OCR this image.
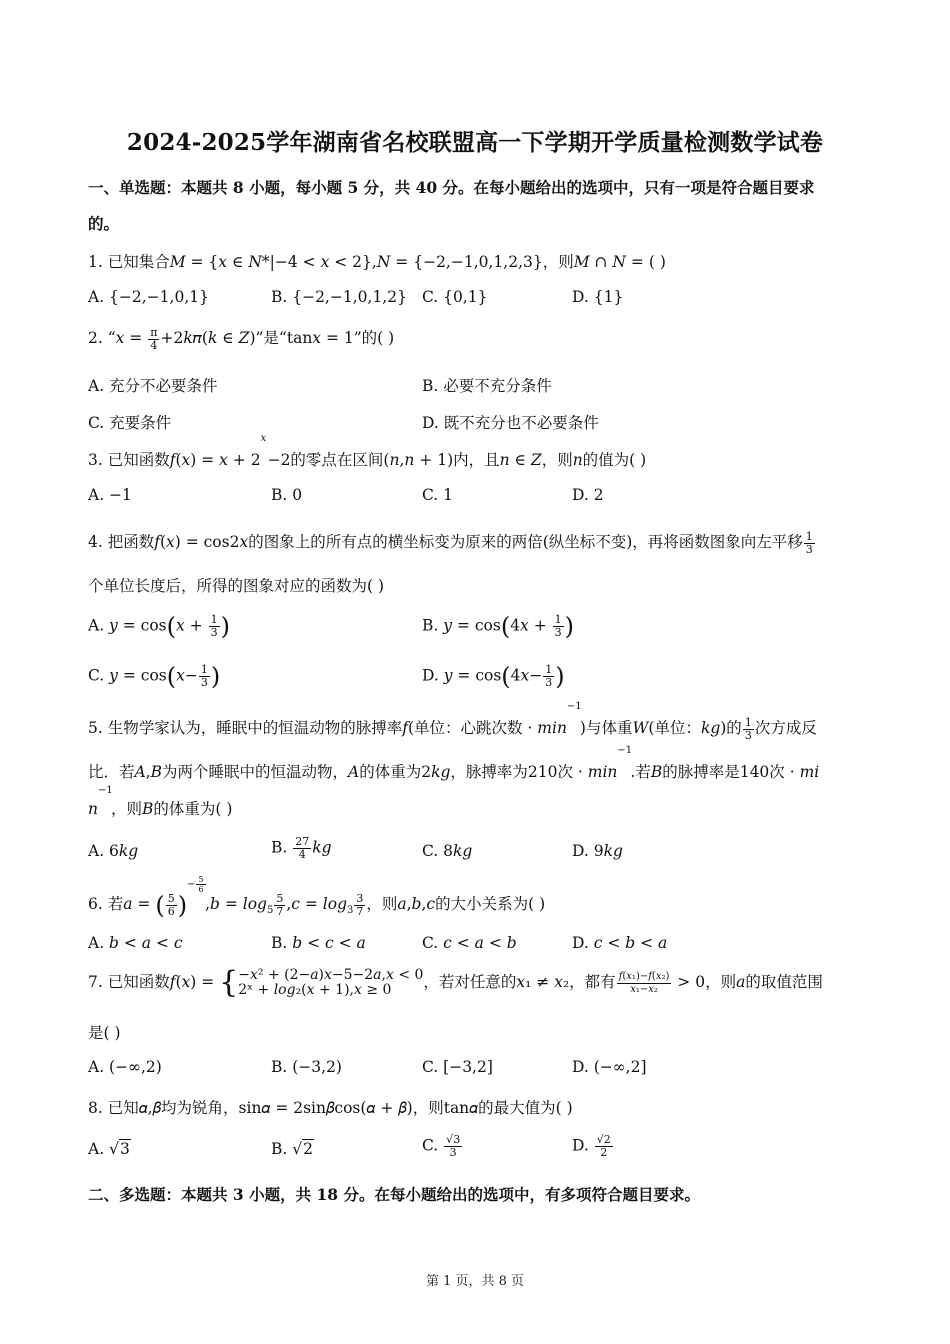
2024-2025学年湖南省名校联盟高一下学期开学质量检测数学试卷
一、单选题：本题共 8 小题，每小题 5 分，共 40 分。在每小题给出的选项中，只有一项是符合题目要求
的。
1. 已知集合𝑀 = {𝑥 ∈ 𝑁*|−4 < 𝑥 < 2},𝑁 = {−2,−1,0,1,2,3}，则𝑀 ∩ 𝑁 = ( )
A. {−2,−1,0,1}	B. {−2,−1,0,1,2} C. {0,1}	D. {1}
2. “𝑥 = $\frac{\pi}{4}$ +2𝑘𝜋(𝑘 ∈ 𝑍)”是“tan𝑥 = 1”的( )
A. 充分不必要条件	B. 必要不充分条件
C. 充要条件	D. 既不充分也不必要条件
3. 已知函数𝑓(𝑥) = 𝑥 + 2
𝑥
−2的零点在区间(𝑛,𝑛 + 1)内，且𝑛 ∈ 𝑍，则𝑛的值为( )
A. −1	B. 0	C. 1	D. 2
4. 把函数𝑓(𝑥) = cos2𝑥的图象上的所有点的横坐标变为原来的两倍(纵坐标不变)，再将函数图象向左平移 $\frac{1}{3}$
个单位长度后，所得的图象对应的函数为( )
A. 𝑦 = cos(𝑥 + $\frac{1}{3}$ )	B. 𝑦 = cos(4𝑥 + $\frac{1}{3}$ )
C. 𝑦 = cos(𝑥− $\frac{1}{3}$ )	D. 𝑦 = cos(4𝑥− $\frac{1}{3}$ )
5. 生物学家认为，睡眠中的恒温动物的脉搏率𝑓(单位：心跳次数 · 𝑚𝑖𝑛
−1
)与体重𝑊(单位：𝑘𝑔)的 $\frac{1}{3}$ 次方成反
比．若𝐴,𝐵为两个睡眠中的恒温动物，𝐴的体重为2𝑘𝑔，脉搏率为210次 · 𝑚𝑖𝑛
−1
.若𝐵的脉搏率是140次 · 𝑚𝑖
𝑛
−1
，则𝐵的体重为( )
A. 6𝑘𝑔	B. $\frac{27}{4}$ 𝑘𝑔	C. 8𝑘𝑔	D. 9𝑘𝑔
6. 若𝑎 = ( $\frac{5}{6}$ )
− $\frac{5}{6}$
,𝑏 = 𝑙𝑜𝑔$_5$ $\frac{5}{7}$ ,𝑐 = 𝑙𝑜𝑔$_3$ $\frac{3}{7}$ ，则𝑎,𝑏,𝑐的大小关系为( )
A. 𝑏 < 𝑎 < 𝑐	B. 𝑏 < 𝑐 < 𝑎	C. 𝑐 < 𝑎 < 𝑏	D. 𝑐 < 𝑏 < 𝑎
7. 已知函数𝑓(𝑥) = { −𝑥² + (2−𝑎)𝑥−5−2𝑎,𝑥 < 0
2ˣ + 𝑙𝑜𝑔₂(𝑥 + 1),𝑥 ≥ 0	，若对任意的𝑥₁ ≠ 𝑥₂，都有 $\frac{\text{𝑓(𝑥₁)−𝑓(𝑥₂)}}{\text{𝑥₁−𝑥₂}} > 0$，则𝑎的取值范围
是( )
A. (−∞,2)	B. (−3,2)	C. [−3,2]	D. (−∞,2]
8. 已知𝛼,𝛽均为锐角，sin𝛼 = 2sin𝛽cos(𝛼 + 𝛽)，则tan𝛼的最大值为( )
A. √3	B. √2	C. $\frac{√3}{3}$	D. $\frac{√2}{2}$
二、多选题：本题共 3 小题，共 18 分。在每小题给出的选项中，有多项符合题目要求。
第 1 页，共 8 页
